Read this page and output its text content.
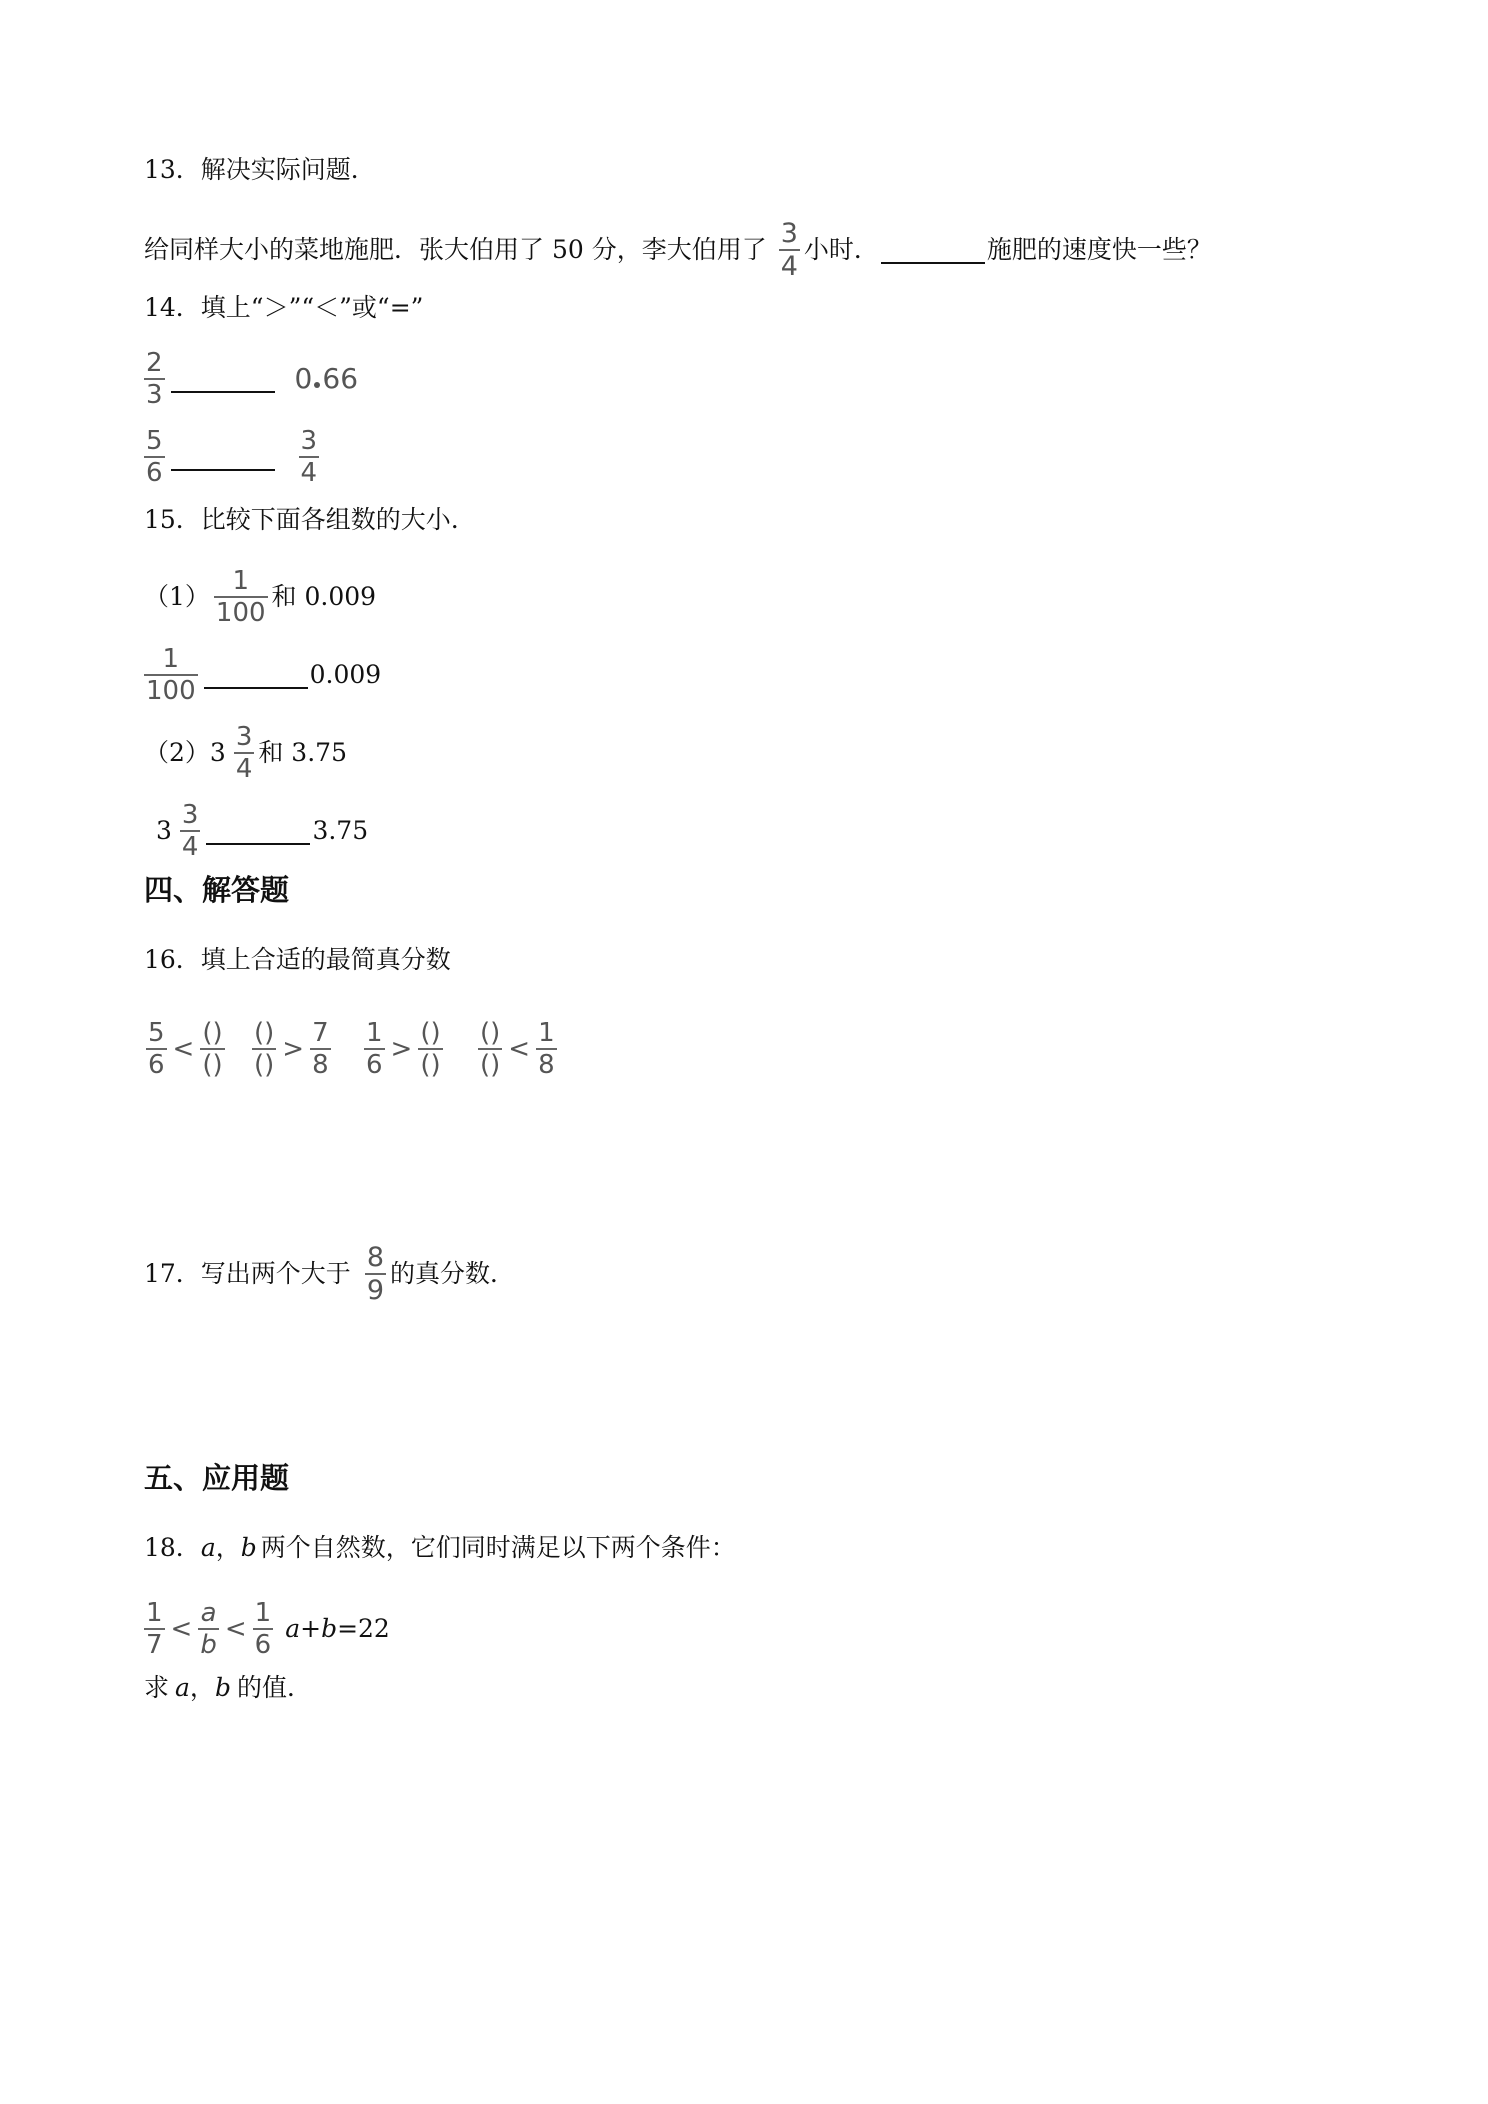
13．解决实际问题．
给同样大小的菜地施肥．张大伯用了 50 分，李大伯用了 $\frac{3}{4}$ 小时．	施肥的速度快一些？
14．填上“＞”“＜”或“=”
$\frac{2}{3}$	0 66
$\frac{5}{6}$	$\frac{3}{4}$
15．比较下面各组数的大小．
$(1) \frac{1}{100}$ 和 0.009
$\frac{1}{100}$	0.009
$(2)3 \frac{3}{4}$ 和 3.75
$3 \frac{3}{4}$	3.75
四、解答题
16．填上合适的最简真分数
$\frac{5}{6} < \frac{()}{()} \frac{()}{()} > \frac{7}{8} \frac{1}{6} > \frac{()}{()} \frac{()}{()} < \frac{1}{8}$
17．写出两个大于 $\frac{8}{9}$ 的真分数．
五、应用题
18． a ， b 两个自然数，它们同时满足以下两个条件：
$\frac{1}{7} < \frac{a}{b} < \frac{1}{6}$ a + b =22
求 a ， b 的值．
